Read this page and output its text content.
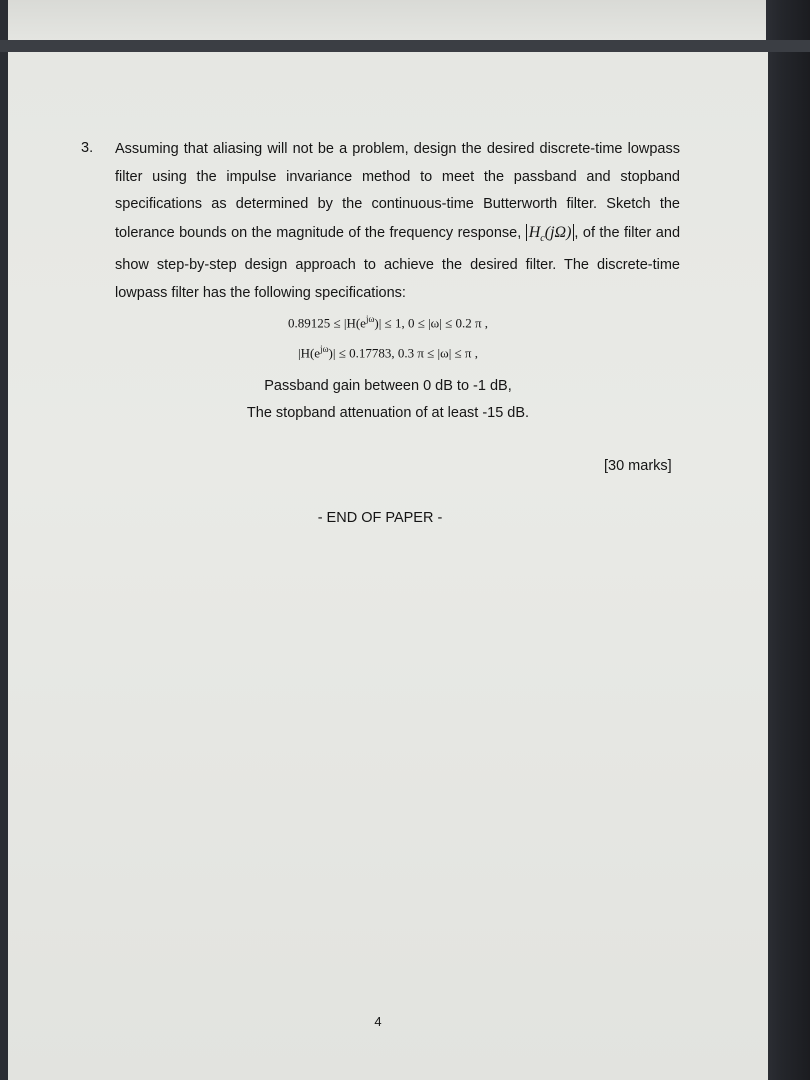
3. Assuming that aliasing will not be a problem, design the desired discrete-time lowpass filter using the impulse invariance method to meet the passband and stopband specifications as determined by the continuous-time Butterworth filter. Sketch the tolerance bounds on the magnitude of the frequency response, $H_c(j\Omega)$ , of the filter and show step-by-step design approach to achieve the desired filter. The discrete-time lowpass filter has the following specifications:

$0.89125 \le |H(e^{j\omega})| \le 1$, 0 ≤ |ω| ≤ 0.2 π ,
$|H(e^{j\omega})| \le 0.17783$, 0.3 π ≤ |ω| ≤ π ,
Passband gain between 0 dB to -1 dB,
The stopband attenuation of at least -15 dB.
[30 marks]
- END OF PAPER -
4
